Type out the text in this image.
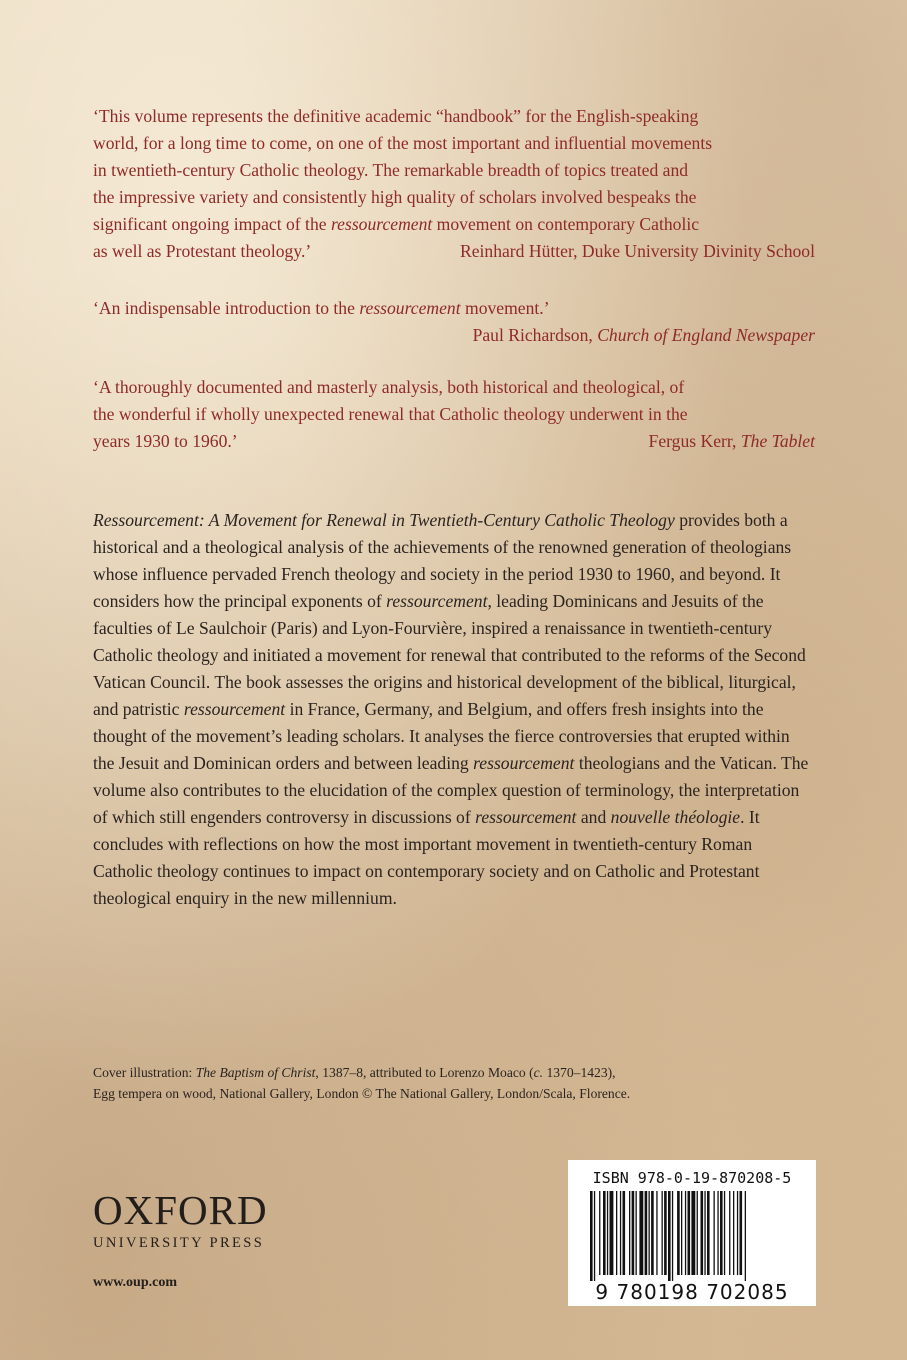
‘This volume represents the definitive academic “handbook” for the English-speaking
world, for a long time to come, on one of the most important and influential movements
in twentieth-century Catholic theology. The remarkable breadth of topics treated and
the impressive variety and consistently high quality of scholars involved bespeaks the
significant ongoing impact of the ressourcement movement on contemporary Catholic
as well as Protestant theology.’	Reinhard Hütter, Duke University Divinity School
‘An indispensable introduction to the ressourcement movement.’
Paul Richardson, Church of England Newspaper
‘A thoroughly documented and masterly analysis, both historical and theological, of
the wonderful if wholly unexpected renewal that Catholic theology underwent in the
years 1930 to 1960.’	Fergus Kerr, The Tablet
Ressourcement: A Movement for Renewal in Twentieth-Century Catholic Theology provides both a historical and a theological analysis of the achievements of the renowned generation of theologians whose influence pervaded French theology and society in the period 1930 to 1960, and beyond. It considers how the principal exponents of ressourcement, leading Dominicans and Jesuits of the faculties of Le Saulchoir (Paris) and Lyon-Fourvière, inspired a renaissance in twentieth-century Catholic theology and initiated a movement for renewal that contributed to the reforms of the Second Vatican Council. The book assesses the origins and historical development of the biblical, liturgical, and patristic ressourcement in France, Germany, and Belgium, and offers fresh insights into the thought of the movement’s leading scholars. It analyses the fierce controversies that erupted within the Jesuit and Dominican orders and between leading ressourcement theologians and the Vatican. The volume also contributes to the elucidation of the complex question of terminology, the interpretation of which still engenders controversy in discussions of ressourcement and nouvelle théologie. It concludes with reflections on how the most important movement in twentieth-century Roman Catholic theology continues to impact on contemporary society and on Catholic and Protestant theological enquiry in the new millennium.
Cover illustration: The Baptism of Christ, 1387–8, attributed to Lorenzo Moaco (c. 1370–1423),
Egg tempera on wood, National Gallery, London © The National Gallery, London/Scala, Florence.
OXFORD
UNIVERSITY PRESS
www.oup.com
ISBN 978-0-19-870208-5
9 780198 702085
